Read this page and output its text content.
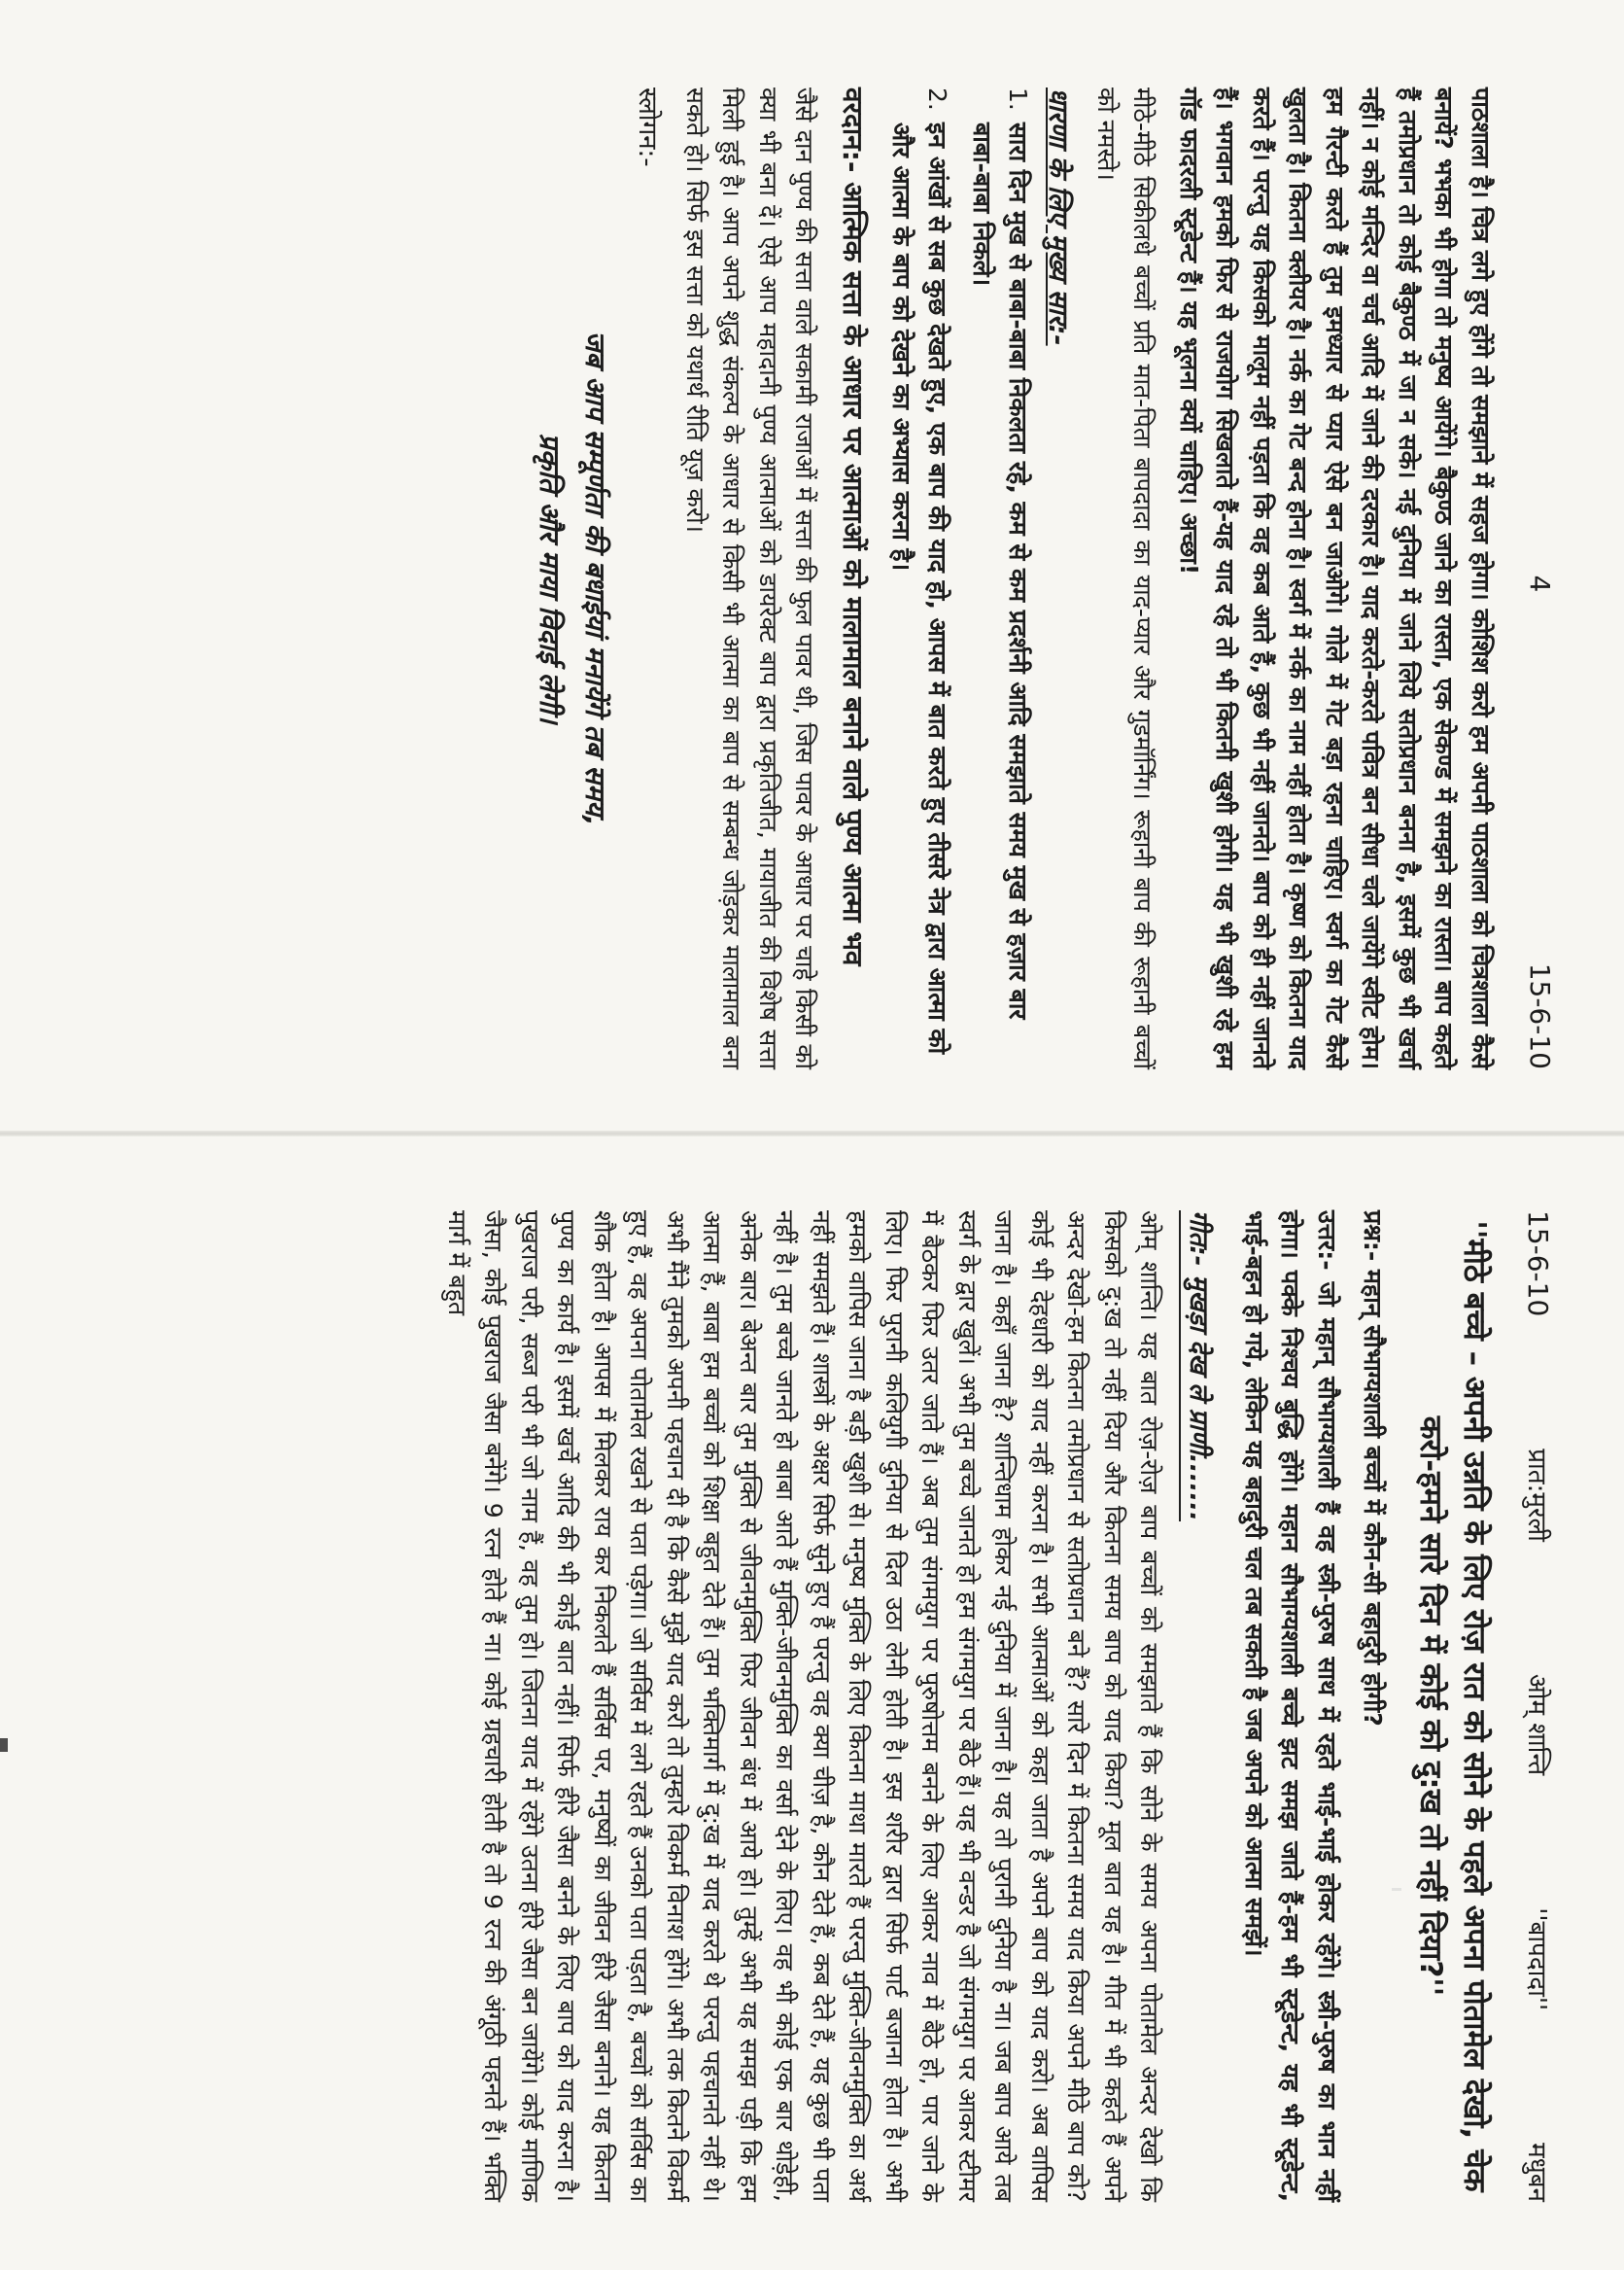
4
15-6-10

पाठशाला है। चित्र लगे हुए होंगे तो समझाने में सहज होगा। कोशिश करो हम अपनी पाठशाला को चित्रशाला कैसे बनायें? भभका भी होगा तो मनुष्य आयेंगे। बैकुण्ठ जाने का रास्ता, एक सेकण्ड में समझने का रास्ता। बाप कहते हैं तमोप्रधान तो कोई बैकुण्ठ में जा न सके। नई दुनिया में जाने लिये सतोप्रधान बनना है, इसमें कुछ भी खर्चा नहीं। न कोई मन्दिर वा चर्च आदि में जाने की दरकार है। याद करते-करते पवित्र बन सीधा चले जायेंगे स्वीट होम। हम गैरन्टी करते हैं तुम इमध्यार से प्यार ऐसे बन जाओगे। गोले में गेट बड़ा रहना चाहिए। स्वर्ग का गेट कैसे खुलता है। कितना क्लीयर है। नर्क का गेट बन्द होना है। स्वर्ग में नर्क का नाम नहीं होता है। कृष्ण को कितना याद करते हैं। परन्तु यह किसको मालूम नहीं पड़ता कि वह कब आते हैं, कुछ भी नहीं जानते। बाप को ही नहीं जानते हैं। भगवान हमको फिर से राजयोग सिखलाते हैं-यह याद रहे तो भी कितनी खुशी होगी। यह भी खुशी रहे हम गॉड फादरली स्टूडेन्ट हैं। यह भूलना क्यों चाहिए। अच्छा!

मीठे-मीठे सिकीलधे बच्चों प्रति मात-पिता बापदादा का याद-प्यार और गुडमॉर्निंग। रूहानी बाप की रूहानी बच्चों को नमस्ते।

धारणा के लिए मुख्य सार:-
1.
सारा दिन मुख से बाबा-बाबा निकलता रहे, कम से कम प्रदर्शनी आदि समझाते समय मुख से हज़ार बार बाबा-बाबा निकले।
2.
इन आंखों से सब कुछ देखते हुए, एक बाप की याद हो, आपस में बात करते हुए तीसरे नेत्र द्वारा आत्मा को और आत्मा के बाप को देखने का अभ्यास करना है।
वरदान:- आत्मिक सत्ता के आधार पर आत्माओं को मालामाल बनाने वाले पुण्य आत्मा भव

जैसे दान पुण्य की सत्ता वाले सकामी राजाओं में सत्ता की फुल पावर थी, जिस पावर के आधार पर चाहे किसी को क्या भी बना दें। ऐसे आप महादानी पुण्य आत्माओं को डायरेक्ट बाप द्वारा प्रकृतिजीत, मायाजीत की विशेष सत्ता मिली हुई है। आप अपने शुद्ध संकल्प के आधार से किसी भी आत्मा का बाप से सम्बन्ध जोड़कर मालामाल बना सकते हो। सिर्फ इस सत्ता को यथार्थ रीति यूज़ करो।

स्लोगन:-
जब आप सम्पूर्णता की बधाईयां मनायेंगे तब समय,
प्रकृति और माया विदाई लेगी।
15-6-10
प्रात:मुरली
ओम् शान्ति
''बापदादा''
मधुबन
''मीठे बच्चे – अपनी उन्नति के लिए रोज़ रात को सोने के पहले अपना पोतामेल देखो, चेक करो-हमने सारे दिन में कोई को दु:ख तो नहीं दिया?''

प्रश्न:- महान् सौभाग्यशाली बच्चों में कौन-सी बहादुरी होगी?

उत्तर:- जो महान् सौभाग्यशाली हैं वह स्त्री-पुरुष साथ में रहते भाई-भाई होकर रहेंगे। स्त्री-पुरुष का भान नहीं होगा। पक्के निश्चय बुद्धि होंगे। महान सौभाग्यशाली बच्चे झट समझ जाते हैं-हम भी स्टूडेन्ट, यह भी स्टूडेन्ट, भाई-बहन हो गये, लेकिन यह बहादुरी चल तब सकती है जब अपने को आत्मा समझें।

गीत:- मुखड़ा देख ले प्राणी.......

ओम् शान्ति। यह बात रोज़-रोज़ बाप बच्चों को समझाते हैं कि सोने के समय अपना पोतामेल अन्दर देखो कि किसको दु:ख तो नहीं दिया और कितना समय बाप को याद किया? मूल बात यह है। गीत में भी कहते हैं अपने अन्दर देखो-हम कितना तमोप्रधान से सतोप्रधान बने हैं? सारे दिन में कितना समय याद किया अपने मीठे बाप को? कोई भी देहधारी को याद नहीं करना है। सभी आत्माओं को कहा जाता है अपने बाप को याद करो। अब वापिस जाना है। कहाँ जाना है? शान्तिधाम होकर नई दुनिया में जाना है। यह तो पुरानी दुनिया है ना। जब बाप आये तब स्वर्ग के द्वार खुलें। अभी तुम बच्चे जानते हो हम संगमयुग पर बैठे हैं। यह भी वन्डर है जो संगमयुग पर आकर स्टीमर में बैठकर फिर उतर जाते हैं। अब तुम संगमयुग पर पुरुषोत्तम बनने के लिए आकर नाव में बैठे हो, पार जाने के लिए। फिर पुरानी कलियुगी दुनिया से दिल उठा लेनी होती है। इस शरीर द्वारा सिर्फ पार्ट बजाना होता है। अभी हमको वापिस जाना है बड़ी खुशी से। मनुष्य मुक्ति के लिए कितना माथा मारते हैं परन्तु मुक्ति-जीवनमुक्ति का अर्थ नहीं समझते हैं। शास्त्रों के अक्षर सिर्फ सुने हुए हैं परन्तु वह क्या चीज़ है, कौन देते हैं, कब देते हैं, यह कुछ भी पता नहीं है। तुम बच्चे जानते हो बाबा आते हैं मुक्ति-जीवनमुक्ति का वर्सा देने के लिए। वह भी कोई एक बार थोड़ेही, अनेक बार। बेअन्त बार तुम मुक्ति से जीवनमुक्ति फिर जीवन बंध में आये हो। तुम्हें अभी यह समझ पड़ी कि हम आत्मा हैं, बाबा हम बच्चों को शिक्षा बहुत देते हैं। तुम भक्तिमार्ग में दु:ख में याद करते थे परन्तु पहचानते नहीं थे। अभी मैंने तुमको अपनी पहचान दी है कि कैसे मुझे याद करो तो तुम्हारे विकर्म विनाश होंगे। अभी तक कितने विकर्म हुए हैं, वह अपना पोतामेल रखने से पता पड़ेगा। जो सर्विस में लगे रहते हैं उनको पता पड़ता है, बच्चों को सर्विस का शौक होता है। आपस में मिलकर राय कर निकलते हैं सर्विस पर, मनुष्यों का जीवन हीरे जैसा बनाने। यह कितना पुण्य का कार्य है। इसमें खर्चे आदि की भी कोई बात नहीं। सिर्फ हीरे जैसा बनने के लिए बाप को याद करना है। पुखराज परी, सब्ज परी भी जो नाम हैं, वह तुम हो। जितना याद में रहेंगे उतना हीरे जैसा बन जायेंगे। कोई माणिक जैसा, कोई पुखराज जैसा बनेंगे। 9 रत्न होते हैं ना। कोई ग्रहचारी होती है तो 9 रत्न की अंगूठी पहनते हैं। भक्ति मार्ग में बहुत
